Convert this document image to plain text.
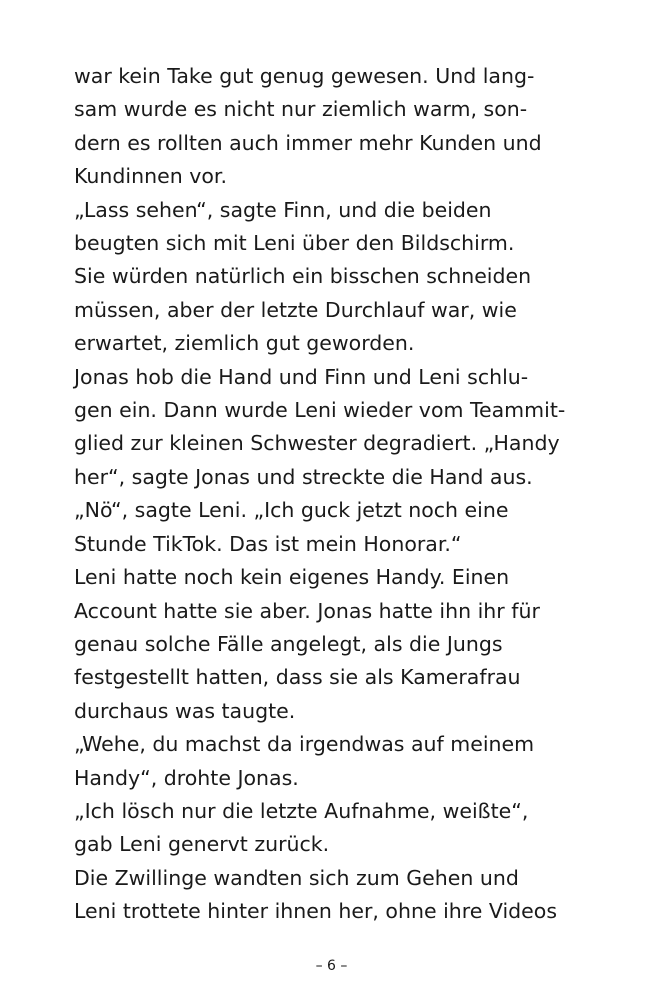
war kein Take gut genug gewesen. Und lang-
sam wurde es nicht nur ziemlich warm, son-
dern es rollten auch immer mehr Kunden und
Kundinnen vor.
„Lass sehen“, sagte Finn, und die beiden
beugten sich mit Leni über den Bildschirm.
Sie würden natürlich ein bisschen schneiden
müssen, aber der letzte Durchlauf war, wie
erwartet, ziemlich gut geworden.
Jonas hob die Hand und Finn und Leni schlu-
gen ein. Dann wurde Leni wieder vom Teammit-
glied zur kleinen Schwester degradiert. „Handy
her“, sagte Jonas und streckte die Hand aus.
„Nö“, sagte Leni. „Ich guck jetzt noch eine
Stunde TikTok. Das ist mein Honorar.“
Leni hatte noch kein eigenes Handy. Einen
Account hatte sie aber. Jonas hatte ihn ihr für
genau solche Fälle angelegt, als die Jungs
festgestellt hatten, dass sie als Kamerafrau
durchaus was taugte.
„Wehe, du machst da irgendwas auf meinem
Handy“, drohte Jonas.
„Ich lösch nur die letzte Aufnahme, weißte“,
gab Leni genervt zurück.
Die Zwillinge wandten sich zum Gehen und
Leni trottete hinter ihnen her, ohne ihre Videos
– 6 –
